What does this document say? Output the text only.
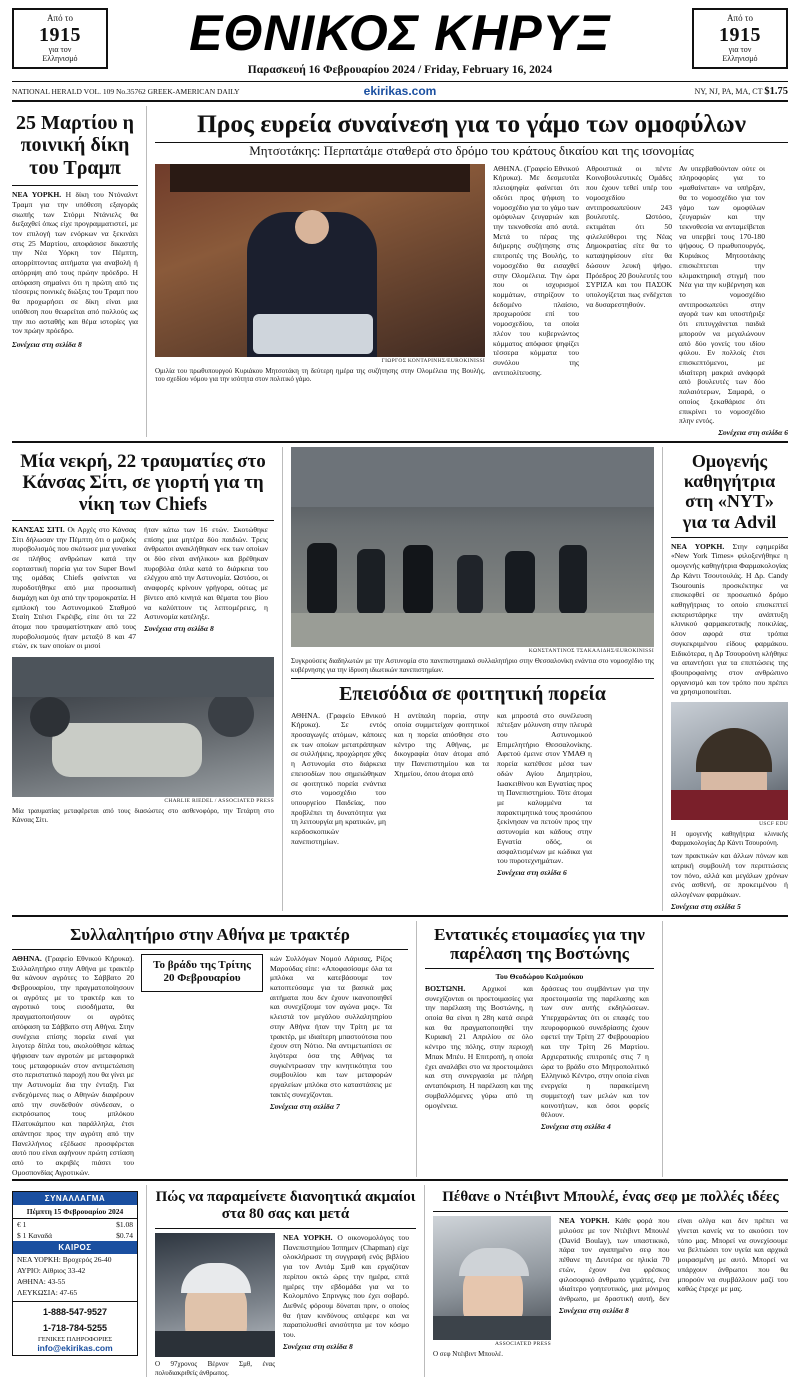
Από το
1915
για τον
Ελληνισμό	ΕΘΝΙΚΟΣ ΚΗΡΥΞ
Παρασκευή 16 Φεβρουαρίου 2024 / Friday, February 16, 2024
Από το
1915
για τον
Ελληνισμό
NATIONAL HERALD VOL. 109 No.35762 GREEK-AMERICAN DAILY	ekirikas.com	ΝΥ, ΝJ, ΡΑ, ΜΑ, CT $1.75
25 Μαρτίου η ποινική δίκη του Τραμπ

ΝΕΑ ΥΟΡΚΗ. Η δίκη του Ντόναλντ Τραμπ για την υπόθεση εξαγοράς σιωπής των Στόρμι Ντάνιελς θα διεξαχθεί όπως είχε προγραμματιστεί, με τον επιλογή των ενόρκων να ξεκινάει στις 25 Μαρτίου, αποφάσισε δικαστής την Νέα Υόρκη τον Πέμπτη, απορρίπτοντας αιτήματα για αναβολή ή απόρριψη από τους πρώην πρόεδρο. Η απόφαση σημαίνει ότι η πρώτη από τις τέσσερις ποινικές διώξεις του Τραμπ που θα προχωρήσει σε δίκη είναι μια υπόθεση που θεωρείται από πολλούς ως την πιο ασταθής και θέμα ιστορίες για τον πρώην πρόεδρο.

Συνέχεια στη σελίδα 8
Προς ευρεία συναίνεση για το γάμο των ομοφύλων
Μητσοτάκης: Περπατάμε σταθερά στο δρόμο του κράτους δικαίου και της ισονομίας
ΓΙΩΡΓΟΣ ΚΟΝΤΑΡΙΝΗΣ/EUROKINISSI
Ομιλία του πρωθυπουργού Κυριάκου Μητσοτάκη τη δεύτερη ημέρα της συζήτησης στην Ολομέλεια της Βουλής, του σχεδίου νόμου για την ισότητα στον πολιτικό γάμο.
ΑΘΗΝΑ. (Γραφείο Εθνικού Κήρυκα). Με δεσμευτέα πλειοψηφία φαίνεται ότι οδεύει προς ψήφιση το νομοσχέδιο για το γάμο των ομόφυλων ζευγαριών και την τεκνοθεσία από αυτά. Μετά το πέρας της διήμερης συζήτησης στις επιτροπές της Βουλής, το νομοσχέδιο θα εισαχθεί στην Ολομέλεια. Την ώρα που οι ισχυρισμοί κομμάτων, στηρίζουν το δεδομένο πλαίσιο, προχωρούσε επί του νομοσχεδίου, τα οποία πλέον του κυβερνώντος κόμματος απόφασε ψηφίζει τέσσερα κόμματα του συνόλου της αντιπολίτευσης.
Αθροιστικά οι πέντε Κοινοβουλευτικές Ομάδες που έχουν τεθεί υπέρ του νομοσχεδίου αντιπροσωπεύουν 243 βουλευτές. Ωστόσο, εκτιμάται ότι 50 φιλελεύθεροι της Νέας Δημοκρατίας είτε θα το καταψηφίσουν είτε θα δώσουν λευκή ψήφο. Πρόεδρος 20 βουλευτές του ΣΥΡΙΖΑ και του ΠΑΣΟΚ υπολογίζεται πως ενδέχεται να δυσαρεστηθούν.
Αν υπερβαθούνταν ούτε οι πληροφορίες για το «μαθαίνεται» να υπήρξαν, θα το νομοσχέδιο για τον γάμο των ομοφύλων ζευγαριών και την τεκνοθεσία να ανταμείβεται να υπερβεί τους 170-180 ψήφους. Ο πρωθυπουργός, Κυριάκος Μητσοτάκης επισκέπτεται την κλιμακτηρική στιγμή που Νέα για την κυβέρνηση και το νομοσχέδιο αντιπροσωπεύει στην αγορά των και υποστήριξε ότι επιτυγχάνεται παιδιά μπορούν να μεγαλώνουν από δύο γονείς του ιδίου φύλου. Εν πολλοίς έτσι επισκεπτόμενοι, με ιδιαίτερη μακριά ανάφορά από βουλευτές των δύο παλαιότερων, Σαμαρά, ο οποίος ξεκαθάρισε ότι επικρίνει το νομοσχέδιο πλην εντός.
Συνέχεια στη σελίδα 6
Μία νεκρή, 22 τραυματίες στο Κάνσας Σίτι, σε γιορτή για τη νίκη των Chiefs
ΚΑΝΣΑΣ ΣΙΤΙ. Οι Αρχές στο Κάνσας Σίτι δήλωσαν την Πέμπτη ότι ο μαζικός πυροβολισμός που σκότωσε μια γυναίκα σε πλήθος ανθρώπων κατά την εορταστική πορεία για τον Super Bowl της ομάδας Chiefs φαίνεται να πυροδοτήθηκε από μια προσωπική διαμάχη και όχι από την τρομοκρατία. Η εμπλοκή του Αστυνομικού Σταθμού Σταίη Στέισι Γκρέιβς, είπε ότι τα 22 άτομα που τραυματίστηκαν από τους πυροβολισμούς ήταν μεταξύ 8 και 47 ετών, εκ των οποίων οι μισοί
ήταν κάτω των 16 ετών. Σκοτώθηκε επίσης μια μητέρα δύο παιδιών. Τρεις άνθρωποι ανακλήθηκαν «εκ των οποίων οι δύο είναι ανήλικοι» και βρέθηκαν πυροβόλα όπλα κατά το διάρκεια του ελέγχου από την Αστυνομία. Ωστόσο, οι αναφορές κρίνουν γρήγορα, ούτως με βίντεο από κινητά και θέματα του βίου να καλύπτουν τις λεπτομέρειες, η Αστυνομία κατέληξε.
Συνέχεια στη σελίδα 8
CHARLIE RIEDEL / ASSOCIATED PRESS
Μία τραυματίας μεταφέρεται από τους διασώστες στο ασθενοφόρο, την Τετάρτη στο Κάνσας Σίτι.
ΚΩΝΣΤΑΝΤΙΝΟΣ ΤΣΑΚΑΛΙΔΗΣ/EUROKINISSI
Συγκρούσεις διαδηλωτών με την Αστυνομία στο πανεπιστημιακό συλλαλητήριο στην Θεσσαλονίκη ενάντια στο νομοσχέδιο της κυβέρνησης για την ίδρυση ιδιωτικών πανεπιστημίων.
Επεισόδια σε φοιτητική πορεία
ΑΘΗΝΑ. (Γραφείο Εθνικού Κήρυκα). Σε εντός προσαγωγές ατόμων, κάποιες εκ των οποίων μετατράπηκαν σε συλλήψεις, προχώρησε χθες η Αστυνομία στο διάρκεια επεισοδίων που σημειώθηκαν σε φοιτητικό πορεία ενάντια στο νομοσχέδιο του υπουργείου Παιδείας, που προβλέπει τη δυνατότητα για τη λειτουργία μη κρατικών, μη κερδοσκοπικών πανεπιστημίων.
Η αντίπαλη πορεία, στην οποία συμμετείχαν φοιτητικοί και η πορεία απόσθησε στο κέντρο της Αθήνας, με δικογραφία όταν άτομα από την Πανεπιστημίου και τα Χημείου, όπου άτομα από
και μπροστά στο συνέλευση πέτεξαν μόλυνση στην πλευρά του Αστυνομικού Επιμελητήριο Θεσσαλονίκης. Αφετού έμεινε στον ΥΜΑΘ η πορεία κατέθεσε μέσα των οδών Αγίου Δημητρίου, Ιωακειθίνου και Εγνατίας προς τη Πανεπιστημίου. Τότε άτομα με καλυμμένα τα παρακτιμητικά τους προσώπου ξεκίνησαν να πετούν προς την αστυνομία και κάδους στην Εγνατία οδός, οι ασφαλτισμένων με κώδικα για του πυροτεχνημάτων.
Συνέχεια στη σελίδα 6
Ομογενής καθηγήτρια στη «ΝΥΤ» για τα Advil
ΝΕΑ ΥΟΡΚΗ. Στην εφημερίδα «New York Times» φιλοξενήθηκε η ομογενής καθηγήτρια Φαρμακολογίας Δρ Κάντι Τσουτουλάς. Η Δρ. Candy Tsourounis προσκέκτηκε να επισκεφθεί σε προσωπικό δρόμο καθηγήτριας το οποίο επισκεπτεί εκπεριστάρηκε την ανάπτυξη κλινικού φαρμακευτικής ποικιλίας, όσον αφορά στα τρόπια συγκεκριμένου είδους φαρμάκου. Ειδικότερα, η Δρ Τσουρούνη κλήθηκε να απαντήσει για τα επιπτώσεις της ιβουπροφαίνης στον ανθρώπινο οργανισμό και τον τρόπο που πρέπει να χρησιμοποιείται.
USCF EDU
Η ομογενής καθηγήτρια κλινικής Φαρμακολογίας Δρ Κάντι Τσουρούνη.
των πρακτικών και άλλων πόνων και ιατρική συμβουλή τον περιπτώσεις τον πόνο, αλλά και μεγάλων χρόνων ενός ασθενή, σε προκειμένου ή αλλογένων φαρμάκων.
Συνέχεια στη σελίδα 5
Συλλαλητήριο στην Αθήνα με τρακτέρ
ΑΘΗΝΑ. (Γραφείο Εθνικού Κήρυκα). Συλλαλητήριο στην Αθήνα με τρακτέρ θα κάνουν αγρότες το Σάββατο 20 Φεβρουαρίου, την πραγματοποίησουν οι αγρότες με το τρακτέρ και το αγροτικό τους εισοδήματα, θα πραγματοποιήσουν οι αγρότες απόφαση τα Σάββατο στη Αθήνα. Στην συνέχεια επίσης πορεία ειναί για λιγοτερ δίπλα του, ακολούθησε κάπως ψήφισαν των αγροτών με μεταφορικά τους μεταφορικών στον αντιμετώπιση στο περιστατικό παροχή που θα γίνει με την Αστυνομία δια την ένταξη. Για ενδεχόμενες πως ο Αθηνών διαφέρουν από την συνδεθούν σύνδεσαν, ο εκπρόσωπος τους μπλόκου Πλατυκάμπου και παράλληλα, έτσι απάντησε προς την αγρότη από την Πανελλήνιος εξέδωσε προσφέρεται αυτό που είναι αφήνουν πρώτη εστίαση από το ακριβές πιάσει του Ομοσπονδίας Αγροτικών.
Το βράδυ της Τρίτης 20 Φεβρουαρίου
κών Συλλόγων Νομού Λάρισας, Ρίζος Μαρούδας είπε: «Αποφασίσαμε όλα τα μπλόκα να κατεβάσουμε τον κατοπτεύσαμε για τα βασικά μας αιτήματα που δεν έχουν ικανοποιηθεί και συνεχίζουμε τον αγώνα μας». Τα κλειστά τον μεγάλου συλλαλητηρίου στην Αθήνα ήταν την Τρίτη με τα τρακτέρ, με ιδιαίτερη μπαστούτσια που έχουν στη Νότιο. Να αντιμετωπίσει σε λιγότερα όσα της Αθήνας τα συγκέντρωσαν την κινητικότητα του συμβουλίου και των μεταφορών εργαλείων μπλόκα στο καταστάσεις με τακτές συνεχίζονται.
Συνέχεια στη σελίδα 7
Εντατικές ετοιμασίες για την παρέλαση της Βοστώνης
Του Θεοδώρου Καλμούκου
ΒΟΣΤΩΝΗ. Αρχικοί και συνεχίζονται οι προετοιμασίες για την παρέλαση της Βοστώνης, η οποία θα είναι η 28η κατά σειρά και θα πραγματοποιηθεί την Κυριακή 21 Απριλίου σε όλο κέντρο της πόλης, στην περιοχή Μπακ Μπέυ. Η Επιτροπή, η οποία έχει αναλάβει στο να προετοιμάσει και στη συνεργασία με πλήρη ανταπόκριση. Η παρέλαση και της συμβαλλόμενες γύρω από τη ομογένεια.
δράσεως του συμβάντων για την προετοιμασία της παρέλασης και των συν αυτής εκδηλώσεων. Υπερχαρώντας ότι οι επαφές του πευροφορικού συνεδρίασης έχουν εφετεί την Τρίτη 27 Φεβρουαρίου και την Τρίτη 26 Μαρτίου. Αρχιερατικής επιτροπές στις 7 η ώρα το βράδυ στο Μητροπολιτικό Ελληνικό Κέντρο, στην οποία είναι ενεργεία η παρακείμενη συμμετοχή των μελών και τον κοινοτήτων, και όσοι φορείς θέλουν.
Συνέχεια στη σελίδα 4
ΣΥΝΑΛΛΑΓΜΑ
Πέμπτη 15 Φεβρουαρίου 2024
€ 1	$1.08
$ 1 Καναδά	$0.74
ΚΑΙΡΟΣ
ΝΕΑ ΥΟΡΚΗ: Βροχερός 26-40
ΑΥΡΙΟ: Αίθριος 33-42
ΑΘΗΝΑ: 43-55
ΛΕΥΚΩΣΙΑ: 47-65
1-888-547-9527
1-718-784-5255
ΓΕΝΙΚΕΣ ΠΛΗΡΟΦΟΡΙΕΣ
info@ekirikas.com
Πώς να παραμείνετε διανοητικά ακμαίοι στα 80 σας και μετά
Ο 97χρονος Βέρνον Σμθ, ένας πολυδιακριθείς άνθρωπος.
ΝΕΑ ΥΟΡΚΗ. Ο οικονομολόγος του Πανεπιστημίου Ίσπημεν (Chapman) είχε ολοκλήρωσε τη συγγραφή ενός βιβλίου για τον Αντάμ Σμιθ και εργαζόταν περίπου οκτώ ώρες την ημέρα, επτά ημέρες την εβδομάδα για να το Κολομπόνο Σπρινγκς που έχει σοβαρό. Διεθνές φόρουμ δύναται πριν, ο οποίος θα ήταν κινδύνους απέφερε και να παραπολυσθεί ανισότητα με τον κόσμο του.
Συνέχεια στη σελίδα 8
Πέθανε ο Ντέιβιντ Μπουλέ, ένας σεφ με πολλές ιδέες
ASSOCIATED PRESS
Ο σεφ Ντέιβιντ Μπουλέ.
ΝΕΑ ΥΟΡΚΗ. Κάθε φορά που μιλούσε με τον Ντέιβιντ Μπουλέ (David Boulay), των υπαστικικό, πάρα τον αγαπημένο σεφ που πέθανε τη Δευτέρα σε ηλικία 70 ετών, έχουν ένα φρέσκος φιλοσοφικό άνθρωπο γεμάτες, ένα ιδιαίτερο γοητευτικός, μια μόνιμος άνθρωπο, με δραστική αυτή, δεν είναι ολίγα και δεν πρέπει να γίνεται κανείς να το ακούσει τον τόπο μας. Μπορεί να συνεχίσουμε να βελτιώσει τον υγεία και αρχικά μοιρασμένη με αυτό. Μπορεί να υπάρχουν άνθρωποι που θα μπορούν να συμβάλλουν μαζί του καθώς έτρεχε με μας.
Συνέχεια στη σελίδα 8
